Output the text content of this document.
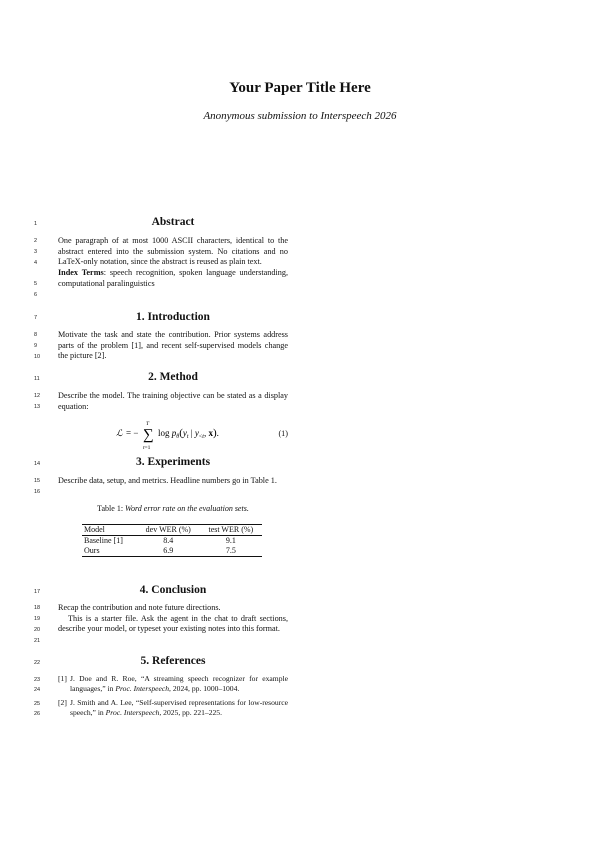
Your Paper Title Here
Anonymous submission to Interspeech 2026
1
2
3
4
5
6
7
8
9
10
11
12
13
14
15
16
17
18
19
20
21
22
23
24
25
26
Abstract

One paragraph of at most 1000 ASCII characters, identical to the abstract entered into the submission system. No citations and no LaTeX-only notation, since the abstract is reused as plain text.
Index Terms: speech recognition, spoken language understanding, computational paralinguistics

1. Introduction

Motivate the task and state the contribution. Prior systems address parts of the problem [1], and recent self-supervised models change the picture [2].

2. Method

Describe the model. The training objective can be stated as a display equation:

ℒ = − ∑
T
t=1
$\log p_\theta(y_t$ | $y_{<t}$, x).	(1)
3. Experiments

Describe data, setup, and metrics. Headline numbers go in Table 1.

Table 1: Word error rate on the evaluation sets.
Model	dev WER (%)	test WER (%)
Baseline [1]	8.4	9.1
Ours	6.9	7.5
4. Conclusion

Recap the contribution and note future directions.
This is a starter file. Ask the agent in the chat to draft sections, describe your model, or typeset your existing notes into this format.

5. References
[1] J. Doe and R. Roe, “A streaming speech recognizer for example languages,” in Proc. Interspeech, 2024, pp. 1000–1004.
[2] J. Smith and A. Lee, “Self-supervised representations for low-resource speech,” in Proc. Interspeech, 2025, pp. 221–225.
